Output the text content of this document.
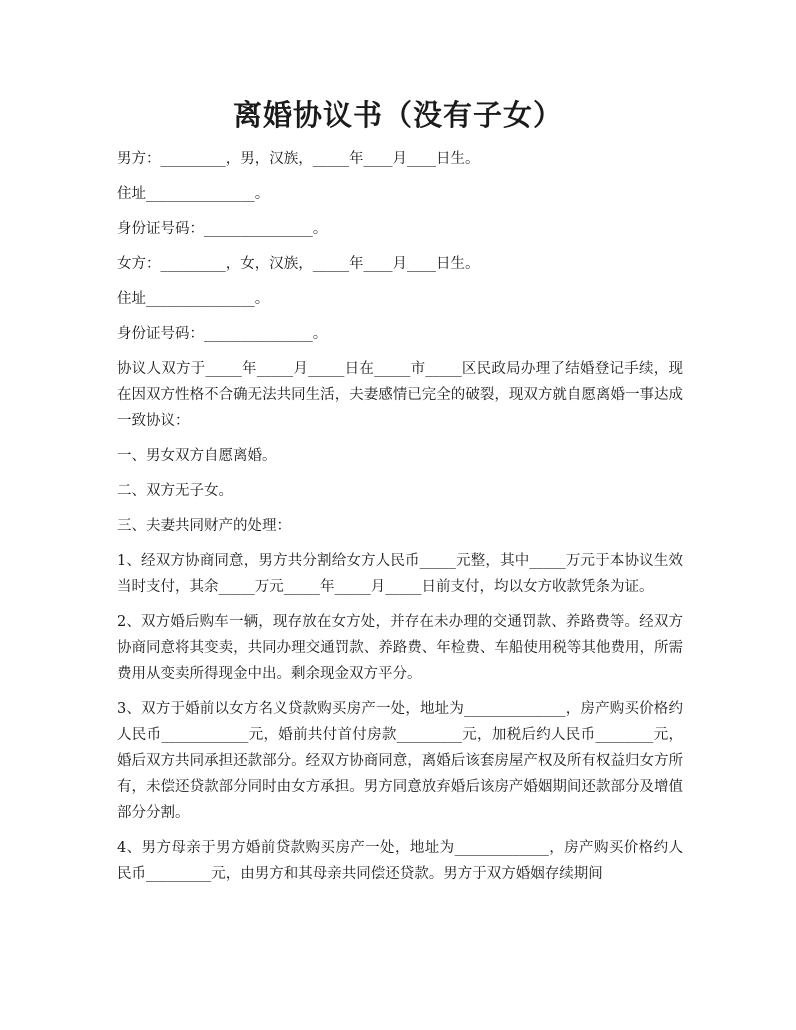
离婚协议书（没有子女）

男方：_________，男，汉族，_____年____月____日生。

住址_______________。

身份证号码：_______________。

女方：_________，女，汉族，_____年____月____日生。

住址_______________。

身份证号码：_______________。

协议人双方于_____年_____月_____日在_____市_____区民政局办理了结婚登记手续，现在因双方性格不合确无法共同生活，夫妻感情已完全的破裂，现双方就自愿离婚一事达成一致协议：

一、男女双方自愿离婚。

二、双方无子女。

三、夫妻共同财产的处理：

1、经双方协商同意，男方共分割给女方人民币_____元整，其中_____万元于本协议生效当时支付，其余_____万元_____年_____月_____日前支付，均以女方收款凭条为证。

2、双方婚后购车一辆，现存放在女方处，并存在未办理的交通罚款、养路费等。经双方协商同意将其变卖，共同办理交通罚款、养路费、年检费、车船使用税等其他费用，所需费用从变卖所得现金中出。剩余现金双方平分。

3、双方于婚前以女方名义贷款购买房产一处，地址为______________，房产购买价格约人民币____________元，婚前共付首付房款_________元，加税后约人民币________元，婚后双方共同承担还款部分。经双方协商同意，离婚后该套房屋产权及所有权益归女方所有，未偿还贷款部分同时由女方承担。男方同意放弃婚后该房产婚姻期间还款部分及增值部分分割。

4、男方母亲于男方婚前贷款购买房产一处，地址为_____________，房产购买价格约人民币_________元，由男方和其母亲共同偿还贷款。男方于双方婚姻存续期间
